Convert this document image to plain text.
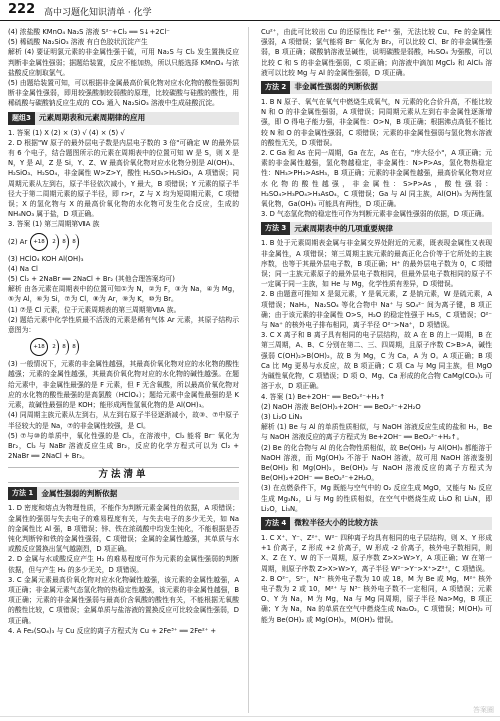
222 高中习题化知识清单 · 化学

(4) 浓盐酸 KMnO₄ Na₂S 溶液 S²⁻+Cl₂ ══ S↓+2Cl⁻

(5) 稀硫酸 Na₂SiO₃ 溶液 有白色胶状沉淀产生

解析 (4) 要证明氯元素的非金属性强于硫，可用 Na₂S 与 Cl₂ 发生置换反应判断非金属性强弱；据题给装置，反应不能加热，所以只能选择 KMnO₄ 与浓盐酸反应制取氯气。

(5) 由题给装置可知，可以根据非金属最高价氧化物对应水化物的酸性强弱判断非金属性强弱，即用较强酸制较弱酸的原理，比较碳酸与硅酸的酸性，用稀硫酸与碳酸钠反应生成的 CO₂ 通入 Na₂SiO₃ 溶液中生成硅酸沉淀。

题组3	元素周期表和元素周期律的应用

1. 答案 (1) X (2) × (3) √ (4) × (5) √

2. D 根据"W 原子的最外层电子数是内层电子数的 3 倍"可确定 W 的最外层有 6 个电子，结合题图所示的元素在周期表中的位置可知 W 是 S，则 X 是 N，Y 是 Al，Z 是 Si，Y、Z、W 最高价氧化物对应水化物分别是 Al(OH)₃、H₂SiO₃、H₂SO₄，非金属性 W>Z>Y，酸性 H₂SO₄>H₂SiO₃，A 项错误；同周期元素从左到右，原子半径依次减小，Y 最大，B 项错误；Y 元素的原子半径大于第二周期元素的原子半径，即 r>r，Z 与 X 均为短周期元素，C 项错误；X 的氢化物与 X 的最高价氧化物的水化物可发生化合反应，生成的 NH₄NO₃ 属于盐，D 项正确。

3. 答案 (1) 第三周期第ⅦA 族

(2) Ar	+18	2	8	8

(3) HClO₄ KOH Al(OH)₃

(4) Na Cl

(5) Cl₂ + 2NaBr ══ 2NaCl + Br₂ (其他合理答案均可)

解析 由各元素在周期表中的位置可知①为 N，②为 F，③为 Na，④为 Mg，⑤为 Al，⑥为 Si，⑦为 Cl，⑧为 Ar，⑨为 K，⑩为 Br。

(1) ⑦是 Cl 元素，位于元素周期表的第三周期第ⅦA 族。

(2) 题给元素中化学性质最不活泼的元素是稀有气体 Ar 元素，其原子结构示意图为：

+18	2	8	8

(3) 一般情况下，元素的非金属性越强，其最高价氧化物对应的水化物的酸性越强；元素的金属性越强，其最高价氧化物对应的水化物的碱性越强。在题给元素中，非金属性最强的是 F 元素，但 F 无含氧酸，所以最高价氧化物对应的水化物的酸性最强的是高氯酸（HClO₄）；题给元素中金属性最强的是 K 元素，故碱性最强的是 KOH；能形成两性氢氧化物的是 Al(OH)₃。

(4) 同周期主族元素从左到右，从左到右原子半径逐渐减小，故③、⑦中原子半径较大的是 Na，⑦的非金属性较强，是 Cl。

(5) ⑦与⑩的单质中，氧化性强的是 Cl₂，在溶液中，Cl₂ 能将 Br⁻ 氧化为 Br₂，Cl₂ 与 NaBr 溶液反应生成 Br₂，反应的化学方程式可以为 Cl₂ + 2NaBr ══ 2NaCl + Br₂。

方法清单
方法 1	金属性强弱的判断依据

1. D 密度和熔点为物理性质，不能作为判断元素金属性的依据，A 项错误；金属性的强弱与失去电子的难易程度有关，与失去电子的多少无关，如 Na 的金属性比 Al 强，B 项错误；锌、铁在浓硫酸中均发生钝化，不能根据是否钝化判断锌和铁的金属性强弱，C 项错误；金属的金属性越强，其单质与水或酸反应置换出氢气越剧烈，D 项正确。

2. D 金属与水或酸反应产生 H₂ 的难易程度可作为元素的金属性强弱的判断依据，但与产生 H₂ 的多少无关，D 项错误。

3. C 金属元素最高价氧化物对应水化物碱性越强，该元素的金属性越强，A 项正确；非金属元素气态氢化物的热稳定性越强，该元素的非金属性越强，B 项正确；元素的非金属性强弱与最高价含氧酸的酸性有关，不能根据无氧酸的酸性比较，C 项错误；金属单质与盐溶液的置换反应可比较金属性强弱，D 项正确。

4. A Fe₂(SO₄)₃ 与 Cu 反应的离子方程式为 Cu + 2Fe³⁺ ══ 2Fe²⁺ +

Cu²⁺，由此可比较出 Cu 的还原性比 Fe²⁺ 强，无法比较 Cu、Fe 的金属性强弱，A 项错误；氯气能将 Br⁻ 氧化为 Br₂，可以比较 Cl、Br 的非金属性强弱，B 项正确；碳酸钠溶液呈碱性，说明碳酸是弱酸，H₂SO₄ 为强酸，可以比较 C 和 S 的非金属性强弱，C 项正确；向溶液中滴加 MgCl₂ 和 AlCl₃ 溶液可以比较 Mg 与 Al 的金属性强弱，D 项正确。

方法 2	非金属性强弱的判断依据

1. B N 原子、氧气在氧气中燃烧生成氧气，N 元素的化合价升高，不能比较 N 和 O 的非金属性强弱，A 项错误；同周期元素从左到右非金属性逐渐增强，即 O 得电子能力强，非金属性：O>N，B 项正确；根据沸点高低不能比较 N 和 O 的非金属性强弱，C 项错误；元素的非金属性强弱与氢化物水溶液的酸性无关，D 项错误。

2. C Ga 和 As 在同一周期，Ga 在左，As 在右，"序大径小"，A 项正确；元素的非金属性越强，氢化物越稳定，非金属性：N>P>As，氢化物热稳定性：NH₃>PH₃>AsH₃，B 项正确；元素的非金属性越强，最高价氧化物对应水化物的酸性越强，非金属性：S>P>As，酸性强弱：H₂SO₄>H₃PO₄>H₃AsO₄，C 项错误；Ga 与 Al 同主族，Al(OH)₃ 为两性氢氧化物，Ga(OH)₃ 可能具有两性，D 项正确。

3. D 气态氢化物的稳定性可作为判断元素非金属性强弱的依据，D 项正确。

方法 3	元素周期表中的几项重要规律

1. B 处于元素周期表金属与非金属交界处附近的元素，既表现金属性又表现非金属性，A 项错误；第三周期主族元素的最高正化合价等于它所处的主族序数，也等于其最外层电子数，B 项正确；H⁺ 的最外层电子数为 0，C 项错误；同一主族元素原子的最外层电子数相同，但最外层电子数相同的原子不一定属于同一主族，如 He 与 Mg，化学性质有差异，D 项错误。

2. B 由题意可推知 X 是氮元素，Y 是氧元素，Z 是钠元素，W 是硫元素，A 项错误；NaH₂，Na₂SO₄ 等化合物中 Na⁺ 与 SO₄²⁻ 间为离子键，B 项正确；由于该元素的非金属性 O>S，H₂O 的稳定性强于 H₂S，C 项错误；O²⁻ 与 Na⁺ 的核外电子排布相同，离子半径 O²⁻>Na⁺，D 项错误。

3. C X 离子和 B 离子具有相同的电子层结构，故 A 在 B 的上一周期，B 在第三周期，A、B、C 分别在第二、三、四周期，且原子序数 C>B>A，碱性强弱 C(OH)₂>B(OH)₂，故 B 为 Mg，C 为 Ca，A 为 O。A 项正确；B 项 Ca 比 Mg 更易与水反应，故 B 项正确；C 项 Ca 与 Mg 同主族，但 MgO 为碱性氧化物，C 项错误；D 项 O、Mg、Ca 形成的化合物 CaMg(CO₃)₂ 可溶于水，D 项正确。

4. 答案 (1) Be+2OH⁻ ══ BeO₂²⁻+H₂↑

(2) NaOH 溶液 Be(OH)₂+2OH⁻ ══ BeO₂²⁻+2H₂O

(3) Li₂O LiN₃

解析 (1) Be 与 Al 的单质性质相似，与 NaOH 溶液反应生成的盐和 H₂，Be 与 NaOH 溶液反应的离子方程式为 Be+2OH⁻ ══ BeO₂²⁻+H₂↑。

(2) Be 的化合物与 Al 的化合物性质相似，故 Be(OH)₂ 与 Al(OH)₃ 都能溶于 NaOH 溶液，而 Mg(OH)₂ 不溶于 NaOH 溶液，故可用 NaOH 溶液鉴别 Be(OH)₂ 和 Mg(OH)₂，Be(OH)₂ 与 NaOH 溶液反应的离子方程式为 Be(OH)₂+2OH⁻ ══ BeO₂²⁻+2H₂O。

(3) 在点燃条件下，Mg 既能与空气中的 O₂ 反应生成 MgO，又能与 N₂ 反应生成 Mg₃N₂，Li 与 Mg 的性质相似，在空气中燃烧生成 Li₂O 和 Li₃N，即 Li₂O，Li₃N。

方法 4	微粒半径大小的比较方法

1. C X⁺、Y⁻、Z²⁺、W²⁻ 四种离子均具有相同的电子层结构，则 X、Y 形成 +1 价离子，Z 形成 +2 价离子，W 形成 -2 价离子，核外电子数相同，则 X、Z 在 Y、W 的下一周期，原子序数 Z>X>W>Y，A 项正确；W 在第一周期，则原子序数 Z>X>W>Y，离子半径 W²⁻>Y⁻>X⁺>Z²⁺，C 项错误。

2. B O²⁻，S²⁻，N³⁻ 核外电子数为 10 或 18，M 为 Be 或 Mg，M²⁺ 核外电子数为 2 或 10，M²⁺ 与 N³⁻ 核外电子数不一定相同，A 项错误；元素 O、Y 为 Na，M 为 Mg，Na 与 Mg 同周期，原子半径 Na>Mg，B 项正确；Y 为 Na，Na 的单质在空气中燃烧生成 Na₂O₂，C 项错误；M(OH)₂ 可能为 Be(OH)₂ 或 Mg(OH)₂，M(OH)₂ 错误。

答案圈
